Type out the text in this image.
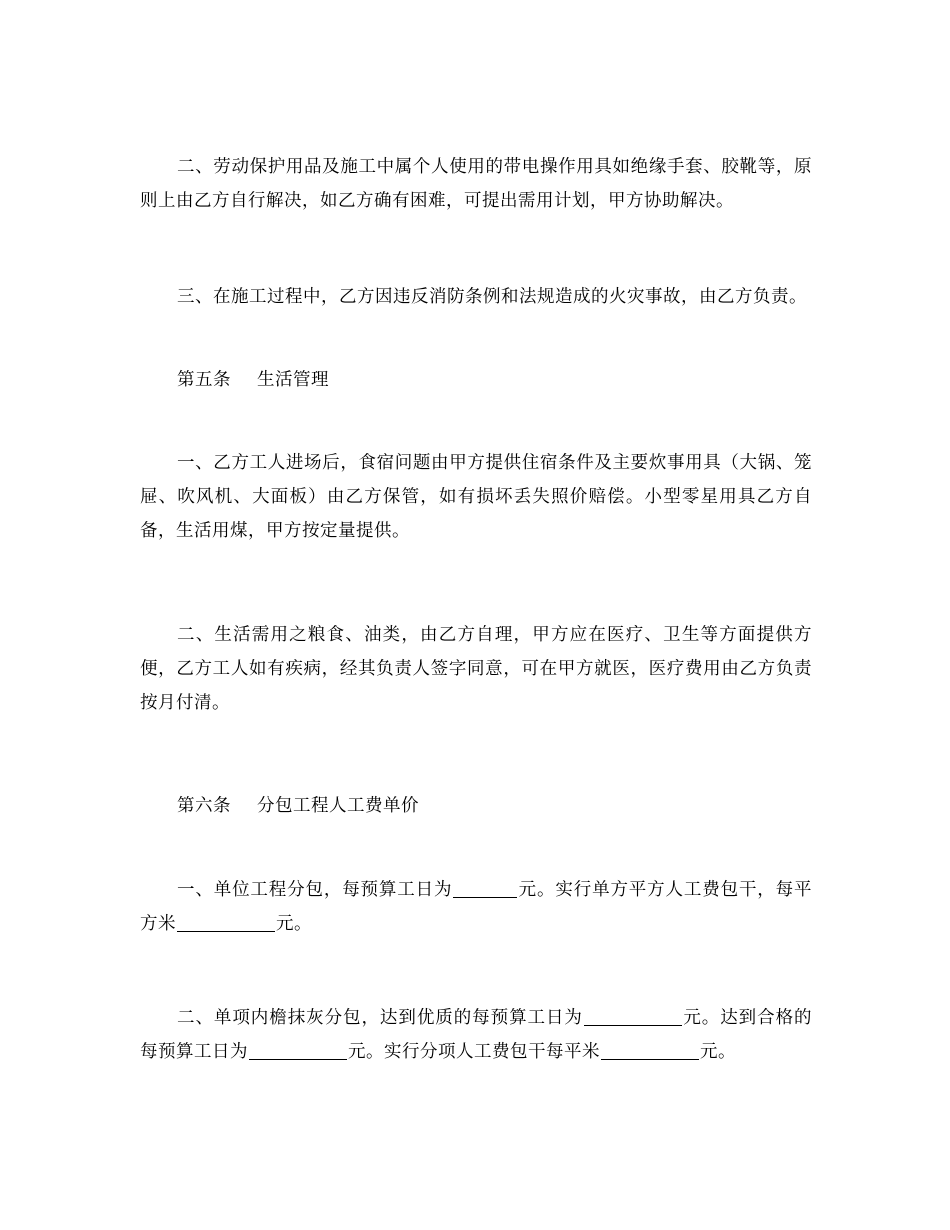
二、劳动保护用品及施工中属个人使用的带电操作用具如绝缘手套、胶靴等，原则上由乙方自行解决，如乙方确有困难，可提出需用计划，甲方协助解决。

三、在施工过程中，乙方因违反消防条例和法规造成的火灾事故，由乙方负责。

第五条 生活管理

一、乙方工人进场后，食宿问题由甲方提供住宿条件及主要炊事用具（大锅、笼屉、吹风机、大面板）由乙方保管，如有损坏丢失照价赔偿。小型零星用具乙方自备，生活用煤，甲方按定量提供。

二、生活需用之粮食、油类，由乙方自理，甲方应在医疗、卫生等方面提供方便，乙方工人如有疾病，经其负责人签字同意，可在甲方就医，医疗费用由乙方负责按月付清。

第六条 分包工程人工费单价

一、单位工程分包，每预算工日为	元。实行单方平方人工费包干，每平方米	元。

二、单项内檐抹灰分包，达到优质的每预算工日为	元。达到合格的每预算工日为	元。实行分项人工费包干每平米	元。
